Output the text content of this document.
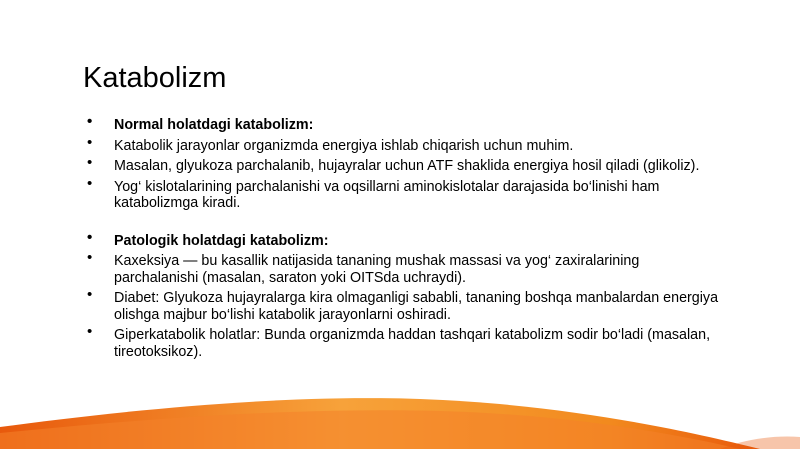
Katabolizm
• Normal holatdagi katabolizm:
• Katabolik jarayonlar organizmda energiya ishlab chiqarish uchun muhim.
• Masalan, glyukoza parchalanib, hujayralar uchun ATF shaklida energiya hosil qiladi (glikoliz).
• Yog‘ kislotalarining parchalanishi va oqsillarni aminokislotalar darajasida bo‘linishi ham katabolizmga kiradi.
• Patologik holatdagi katabolizm:
• Kaxeksiya — bu kasallik natijasida tananing mushak massasi va yog‘ zaxiralarining parchalanishi (masalan, saraton yoki OITSda uchraydi).
• Diabet: Glyukoza hujayralarga kira olmaganligi sababli, tananing boshqa manbalardan energiya olishga majbur bo‘lishi katabolik jarayonlarni oshiradi.
• Giperkatabolik holatlar: Bunda organizmda haddan tashqari katabolizm sodir bo‘ladi (masalan, tireotoksikoz).
